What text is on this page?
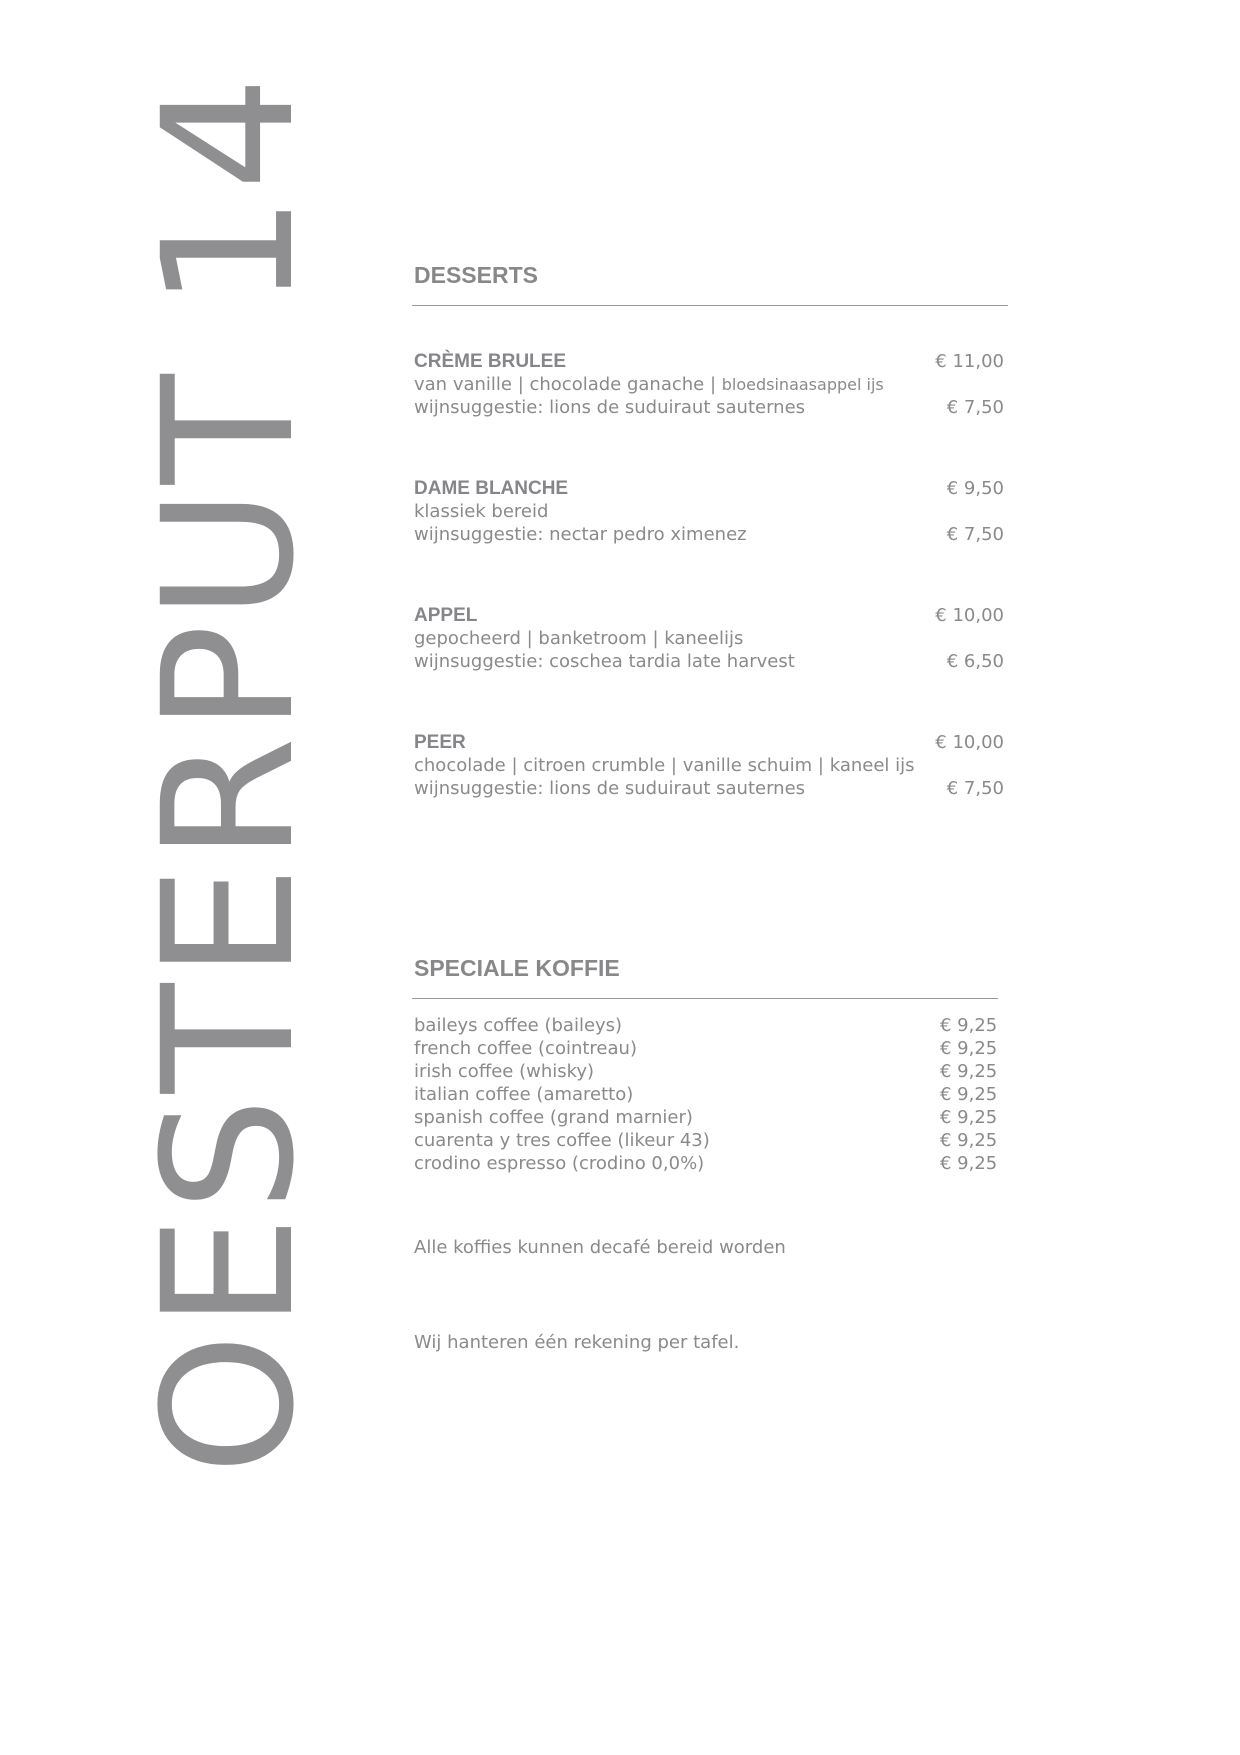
OESTERPUT 14	DESSERTS
CRÈME BRULEE	€ 11,00
van vanille | chocolade ganache | bloedsinaasappel ijs
wijnsuggestie: lions de suduiraut sauternes	€ 7,50
DAME BLANCHE	€ 9,50
klassiek bereid
wijnsuggestie: nectar pedro ximenez	€ 7,50
APPEL	€ 10,00
gepocheerd | banketroom | kaneelijs
wijnsuggestie: coschea tardia late harvest	€ 6,50
PEER	€ 10,00
chocolade | citroen crumble | vanille schuim | kaneel ijs
wijnsuggestie: lions de suduiraut sauternes	€ 7,50
SPECIALE KOFFIE
baileys coffee (baileys)	€ 9,25
french coffee (cointreau)	€ 9,25
irish coffee (whisky)	€ 9,25
italian coffee (amaretto)	€ 9,25
spanish coffee (grand marnier)	€ 9,25
cuarenta y tres coffee (likeur 43)	€ 9,25
crodino espresso (crodino 0,0%)	€ 9,25

Alle koffies kunnen decafé bereid worden

Wij hanteren één rekening per tafel.
